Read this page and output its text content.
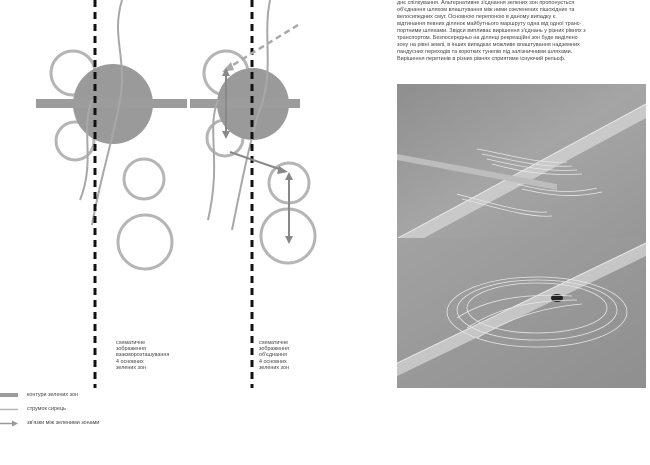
схематичне
зображення
взаєморозташування
4 основних
зелених зон
схематичне
зображення
об'єднання
4 основних
зелених зон
днє спілкування. Альтернативне з'єднання зелених зон пропонується
об'єднання шляхом влаштування між ними озеленених пішохідних та
велосипедних смуг. Основною перепоною в даному випадку є
відтинання певних ділянок майбутнього маршруту одна від одної транс-
портними шляхами. Звідси випливає вирішення з'єднань у різних рівнях з
транспортом. Безпосередньо на ділянці рекреаційні зон буде виділено
зону на рівні землі, в інших випадках можливе влаштування надземних
пандусних переходів та коротких тунелів під залізничними шляхами.
Вирішення перетинів в різних рівнях сприятиме існуючий рельєф.
контури зелених зон
струмок сирець
зв'язки між зеленими зонами
